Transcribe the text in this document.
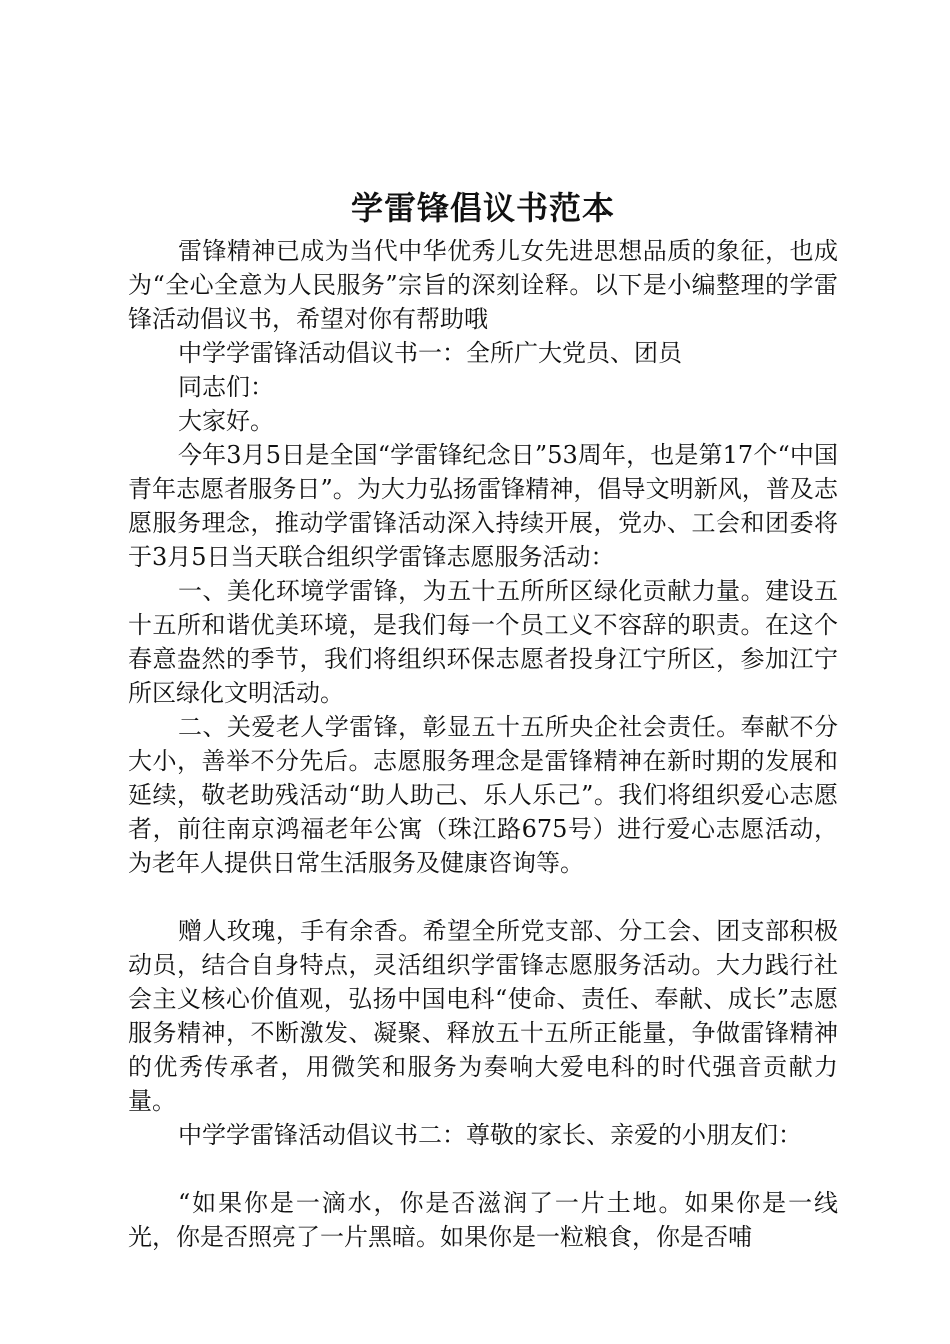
学雷锋倡议书范本

雷锋精神已成为当代中华优秀儿女先进思想品质的象征，也成为“全心全意为人民服务”宗旨的深刻诠释。以下是小编整理的学雷锋活动倡议书，希望对你有帮助哦

中学学雷锋活动倡议书一：全所广大党员、团员

同志们：

大家好。

今年3月5日是全国“学雷锋纪念日”53周年，也是第17个“中国青年志愿者服务日”。为大力弘扬雷锋精神，倡导文明新风，普及志愿服务理念，推动学雷锋活动深入持续开展，党办、工会和团委将于3月5日当天联合组织学雷锋志愿服务活动：

一、美化环境学雷锋，为五十五所所区绿化贡献力量。建设五十五所和谐优美环境，是我们每一个员工义不容辞的职责。在这个春意盎然的季节，我们将组织环保志愿者投身江宁所区，参加江宁所区绿化文明活动。

二、关爱老人学雷锋，彰显五十五所央企社会责任。奉献不分大小，善举不分先后。志愿服务理念是雷锋精神在新时期的发展和延续，敬老助残活动“助人助己、乐人乐己”。我们将组织爱心志愿者，前往南京鸿福老年公寓（珠江路675号）进行爱心志愿活动，为老年人提供日常生活服务及健康咨询等。

赠人玫瑰，手有余香。希望全所党支部、分工会、团支部积极动员，结合自身特点，灵活组织学雷锋志愿服务活动。大力践行社会主义核心价值观，弘扬中国电科“使命、责任、奉献、成长”志愿服务精神，不断激发、凝聚、释放五十五所正能量，争做雷锋精神的优秀传承者，用微笑和服务为奏响大爱电科的时代强音贡献力量。

中学学雷锋活动倡议书二：尊敬的家长、亲爱的小朋友们：

“如果你是一滴水，你是否滋润了一片土地。如果你是一线光，你是否照亮了一片黑暗。如果你是一粒粮食，你是否哺
